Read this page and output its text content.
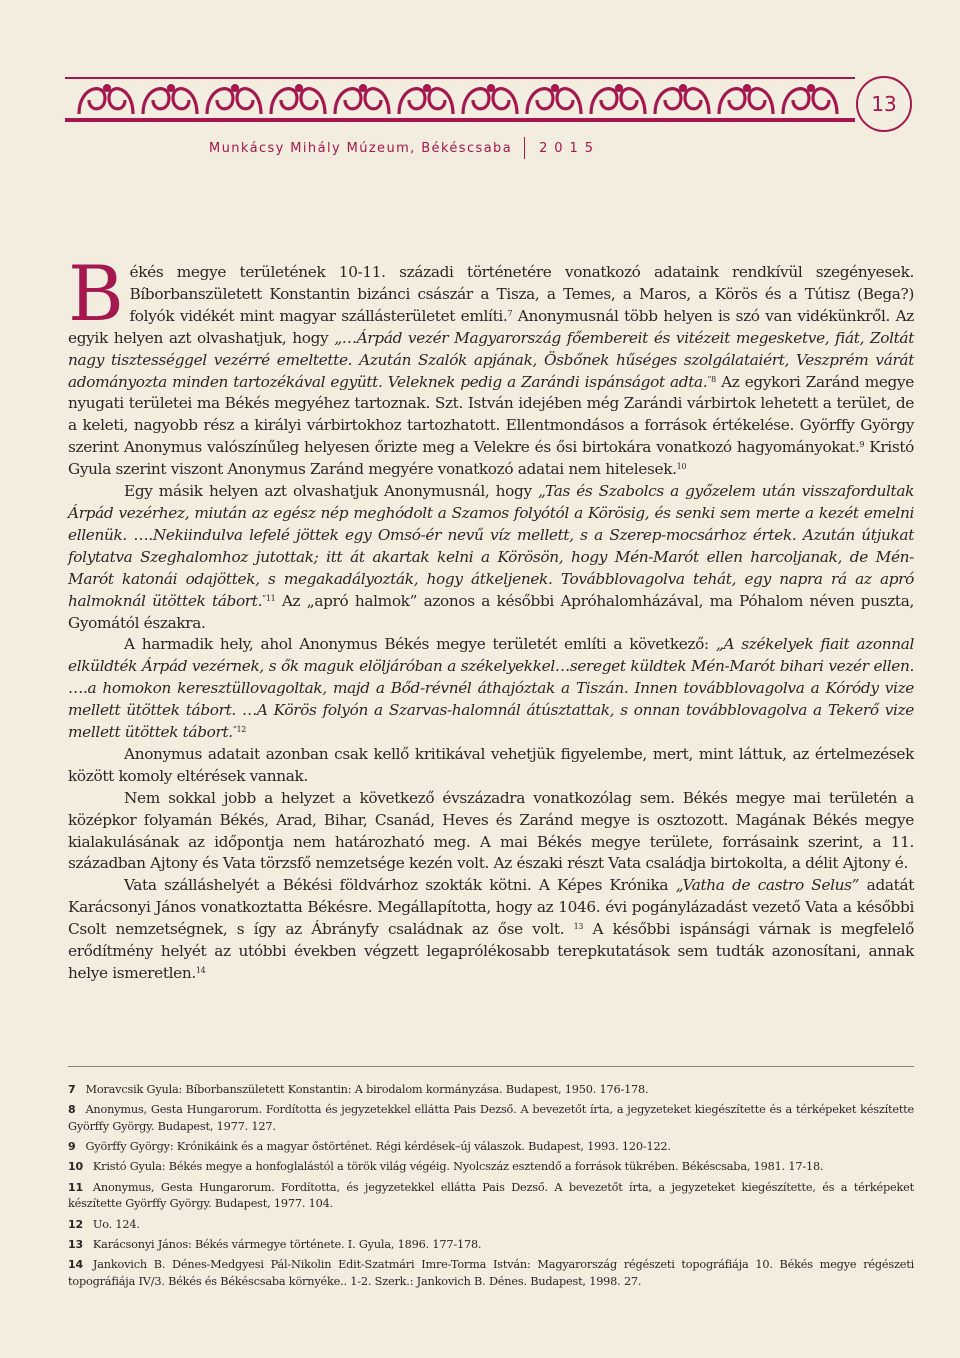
13
Munkácsy Mihály Múzeum, Békéscsaba 2 0 1 5

Békés megye területének 10-11. századi történetére vonatkozó adataink rendkívül szegényesek. Bíborbanszületett Konstantin bizánci császár a Tisza, a Temes, a Maros, a Körös és a Tútisz (Bega?) folyók vidékét mint magyar szállásterületet említi.$^7$ Anonymusnál több helyen is szó van vidékünkről. Az egyik helyen azt olvashatjuk, hogy „…Árpád vezér Magyarország főembereit és vitézeit megesketve, fiát, Zoltát nagy tisztességgel vezérré emeltette. Azután Szalók apjának, Ösbőnek hűséges szolgálataiért, Veszprém várát adományozta minden tartozékával együtt. Veleknek pedig a Zarándi ispánságot adta.$^{”8}$ Az egykori Zaránd megye nyugati területei ma Békés megyéhez tartoznak. Szt. István idejében még Zarándi várbirtok lehetett a terület, de a keleti, nagyobb rész a királyi várbirtokhoz tartozhatott. Ellentmondásos a források értékelése. Györffy György szerint Anonymus valószínűleg helyesen őrizte meg a Velekre és ősi birtokára vonatkozó hagyományokat.$^9$ Kristó Gyula szerint viszont Anonymus Zaránd megyére vonatkozó adatai nem hitelesek.$^{10}$

Egy másik helyen azt olvashatjuk Anonymusnál, hogy „Tas és Szabolcs a győzelem után visszafordultak Árpád vezérhez, miután az egész nép meghódolt a Szamos folyótól a Körösig, és senki sem merte a kezét emelni ellenük. ….Nekiindulva lefelé jöttek egy Omsó-ér nevű víz mellett, s a Szerep-mocsárhoz értek. Azután útjukat folytatva Szeghalomhoz jutottak; itt át akartak kelni a Körösön, hogy Mén-Marót ellen harcoljanak, de Mén-Marót katonái odajöttek, s megakadályozták, hogy átkeljenek. Továbblovagolva tehát, egy napra rá az apró halmoknál ütöttek tábort.$^{”11}$ Az „apró halmok” azonos a későbbi Apróhalomházával, ma Póhalom néven puszta, Gyomától északra.

A harmadik hely, ahol Anonymus Békés megye területét említi a következő: „A székelyek fiait azonnal elküldték Árpád vezérnek, s ők maguk elöljáróban a székelyekkel…sereget küldtek Mén-Marót bihari vezér ellen. ….a homokon keresztüllovagoltak, majd a Bőd-révnél áthajóztak a Tiszán. Innen továbblovagolva a Kóródy vize mellett ütöttek tábort. …A Körös folyón a Szarvas-halomnál átúsztattak, s onnan továbblovagolva a Tekerő vize mellett ütöttek tábort.$^{”12}$

Anonymus adatait azonban csak kellő kritikával vehetjük figyelembe, mert, mint láttuk, az értelmezések között komoly eltérések vannak.

Nem sokkal jobb a helyzet a következő évszázadra vonatkozólag sem. Békés megye mai területén a középkor folyamán Békés, Arad, Bihar, Csanád, Heves és Zaránd megye is osztozott. Magának Békés megye kialakulásának az időpontja nem határozható meg. A mai Békés megye területe, forrásaink szerint, a 11. században Ajtony és Vata törzsfő nemzetsége kezén volt. Az északi részt Vata családja birtokolta, a délit Ajtony é.

Vata szálláshelyét a Békési földvárhoz szokták kötni. A Képes Krónika „Vatha de castro Selus” adatát Karácsonyi János vonatkoztatta Békésre. Megállapította, hogy az 1046. évi pogánylázadást vezető Vata a későbbi Csolt nemzetségnek, s így az Ábrányfy családnak az őse volt. $^{13}$ A későbbi ispánsági várnak is megfelelő erődítmény helyét az utóbbi években végzett legaprólékosabb terepkutatások sem tudták azonosítani, annak helye ismeretlen.$^{14}$

7 Moravcsik Gyula: Bíborbanszületett Konstantin: A birodalom kormányzása. Budapest, 1950. 176-178.
8 Anonymus, Gesta Hungarorum. Fordította és jegyzetekkel ellátta Pais Dezső. A bevezetőt írta, a jegyzeteket kiegészítette és a térképeket készítette Györffy György. Budapest, 1977. 127.
9 Györffy György: Krónikáink és a magyar őstörténet. Régi kérdések–új válaszok. Budapest, 1993. 120-122.
10 Kristó Gyula: Békés megye a honfoglalástól a török világ végéig. Nyolcszáz esztendő a források tükrében. Békéscsaba, 1981. 17-18.
11 Anonymus, Gesta Hungarorum. Fordította, és jegyzetekkel ellátta Pais Dezső. A bevezetőt írta, a jegyzeteket kiegészítette, és a térképeket készítette Györffy György. Budapest, 1977. 104.
12 Uo. 124.
13 Karácsonyi János: Békés vármegye története. I. Gyula, 1896. 177-178.
14 Jankovich B. Dénes-Medgyesi Pál-Nikolin Edit-Szatmári Imre-Torma István: Magyarország régészeti topográfiája 10. Békés megye régészeti topográfiája IV/3. Békés és Békéscsaba környéke.. 1-2. Szerk.: Jankovich B. Dénes. Budapest, 1998. 27.
